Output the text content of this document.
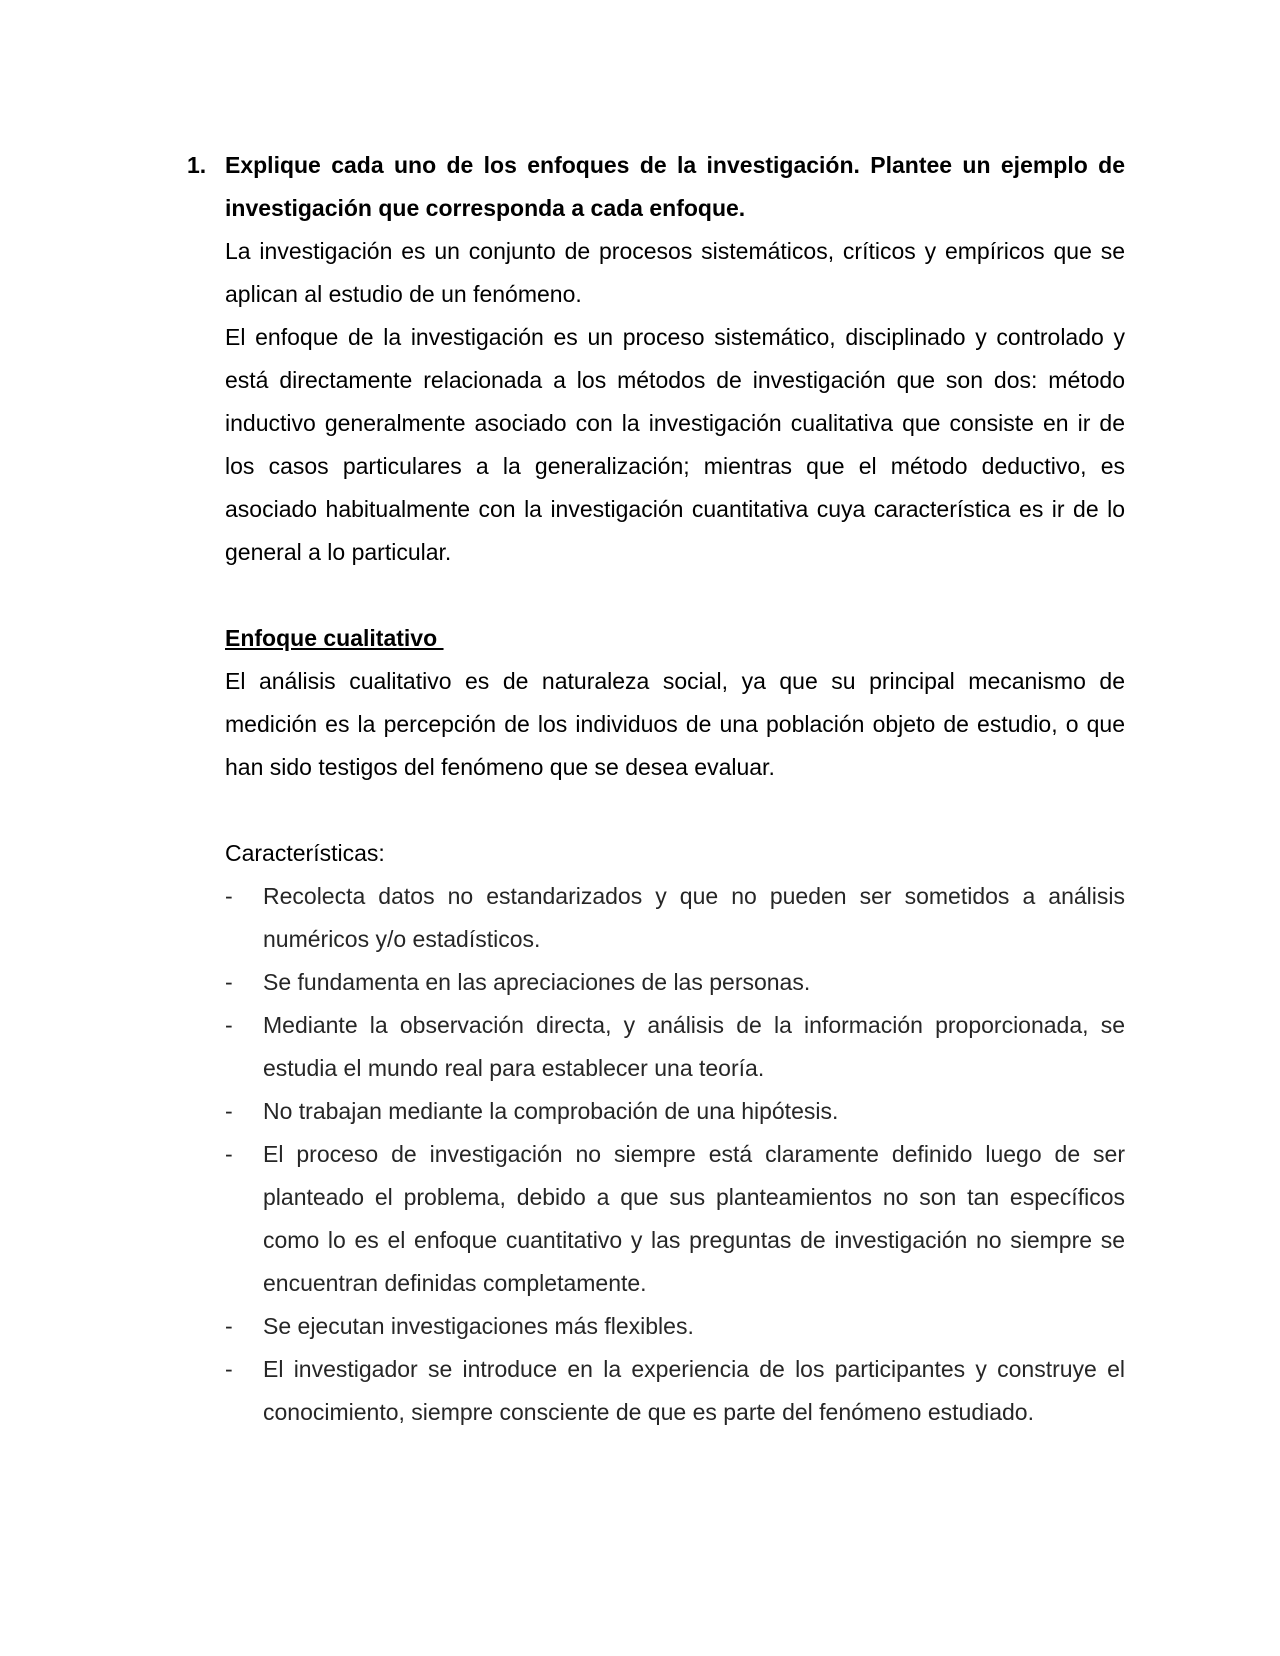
1. Explique cada uno de los enfoques de la investigación. Plantee un ejemplo de investigación que corresponda a cada enfoque.

La investigación es un conjunto de procesos sistemáticos, críticos y empíricos que se aplican al estudio de un fenómeno.

El enfoque de la investigación es un proceso sistemático, disciplinado y controlado y está directamente relacionada a los métodos de investigación que son dos: método inductivo generalmente asociado con la investigación cualitativa que consiste en ir de los casos particulares a la generalización; mientras que el método deductivo, es asociado habitualmente con la investigación cuantitativa cuya característica es ir de lo general a lo particular.

Enfoque cualitativo

El análisis cualitativo es de naturaleza social, ya que su principal mecanismo de medición es la percepción de los individuos de una población objeto de estudio, o que han sido testigos del fenómeno que se desea evaluar.

Características:

- Recolecta datos no estandarizados y que no pueden ser sometidos a análisis numéricos y/o estadísticos.
- Se fundamenta en las apreciaciones de las personas.
- Mediante la observación directa, y análisis de la información proporcionada, se estudia el mundo real para establecer una teoría.
- No trabajan mediante la comprobación de una hipótesis.
- El proceso de investigación no siempre está claramente definido luego de ser planteado el problema, debido a que sus planteamientos no son tan específicos como lo es el enfoque cuantitativo y las preguntas de investigación no siempre se encuentran definidas completamente.
- Se ejecutan investigaciones más flexibles.
- El investigador se introduce en la experiencia de los participantes y construye el conocimiento, siempre consciente de que es parte del fenómeno estudiado.
